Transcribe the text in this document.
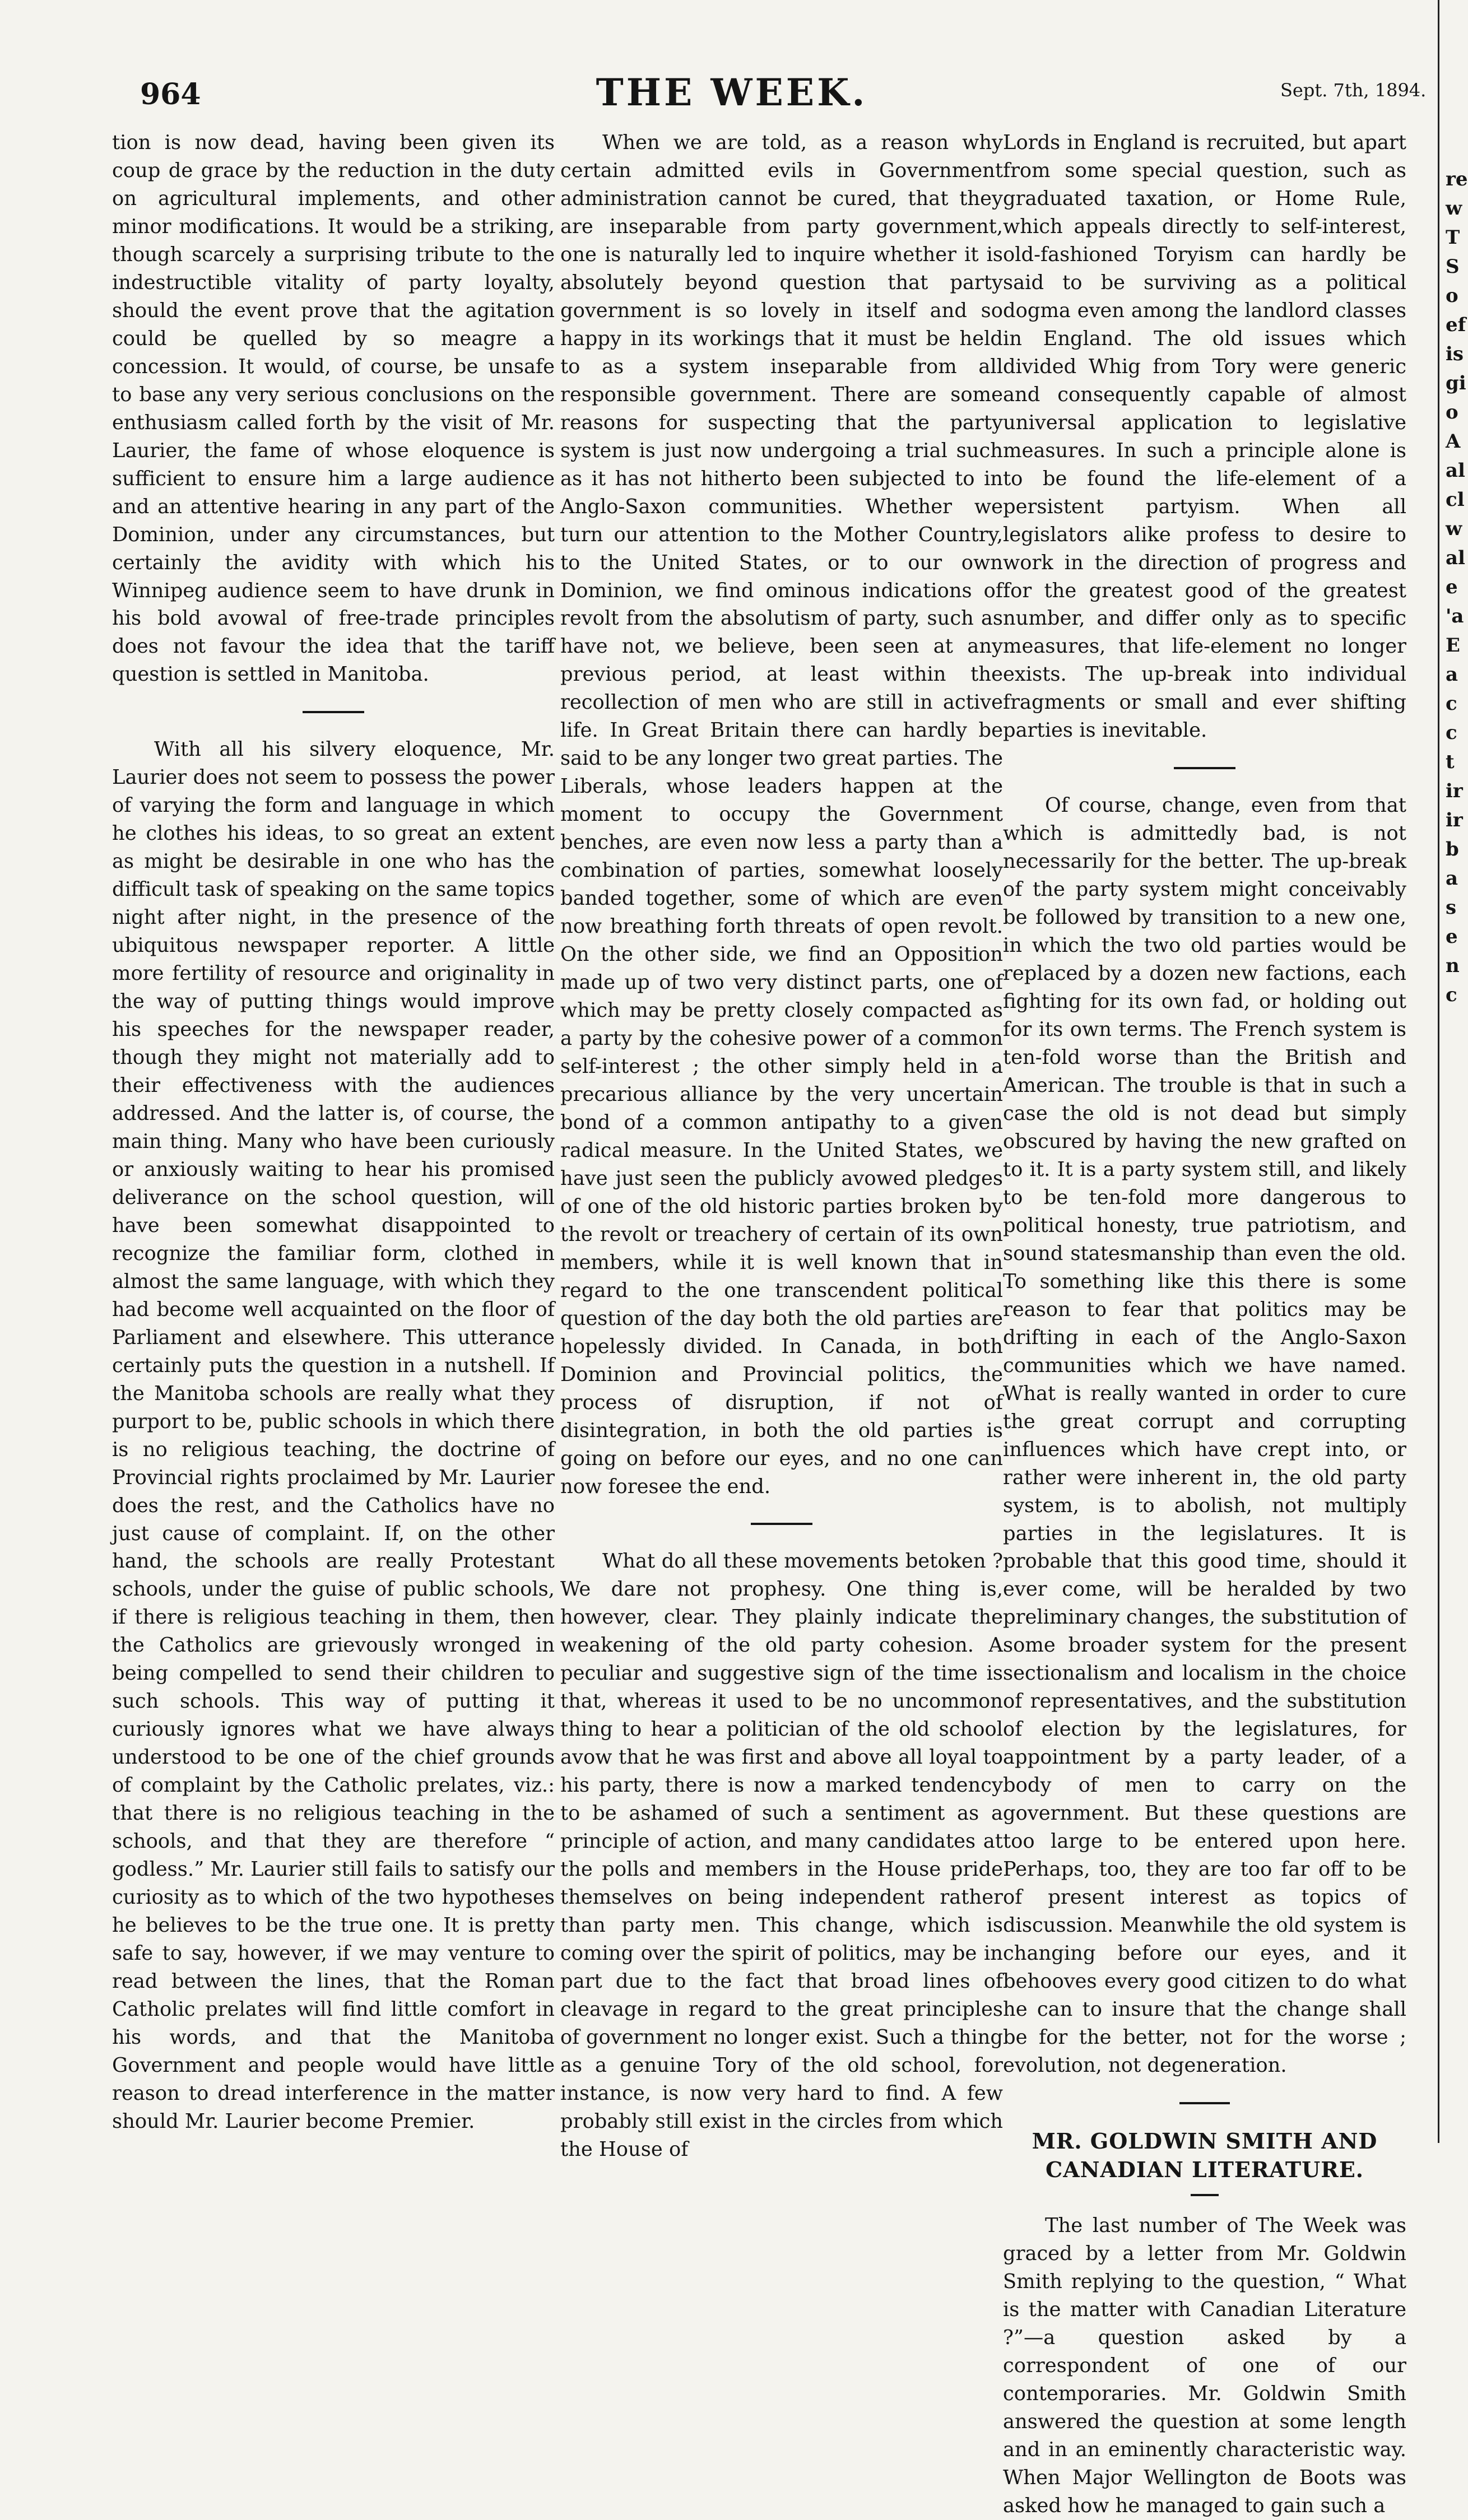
964	THE WEEK.	Sept. 7th, 1894.

tion is now dead, having been given its coup de grace by the reduction in the duty on agricultural implements, and other minor modifications. It would be a striking, though scarcely a surprising tribute to the indestructible vitality of party loyalty, should the event prove that the agitation could be quelled by so meagre a concession. It would, of course, be unsafe to base any very serious conclusions on the enthusiasm called forth by the visit of Mr. Laurier, the fame of whose eloquence is sufficient to ensure him a large audience and an attentive hearing in any part of the Dominion, under any circumstances, but certainly the avidity with which his Winnipeg audience seem to have drunk in his bold avowal of free-trade principles does not favour the idea that the tariff question is settled in Manitoba.

With all his silvery eloquence, Mr. Laurier does not seem to possess the power of varying the form and language in which he clothes his ideas, to so great an extent as might be desirable in one who has the difficult task of speaking on the same topics night after night, in the presence of the ubiquitous newspaper reporter. A little more fertility of resource and originality in the way of putting things would improve his speeches for the newspaper reader, though they might not materially add to their effectiveness with the audiences addressed. And the latter is, of course, the main thing. Many who have been curiously or anxiously waiting to hear his promised deliverance on the school question, will have been somewhat disappointed to recognize the familiar form, clothed in almost the same language, with which they had become well acquainted on the floor of Parliament and elsewhere. This utterance certainly puts the question in a nutshell. If the Manitoba schools are really what they purport to be, public schools in which there is no religious teaching, the doctrine of Provincial rights proclaimed by Mr. Laurier does the rest, and the Catholics have no just cause of complaint. If, on the other hand, the schools are really Protestant schools, under the guise of public schools, if there is religious teaching in them, then the Catholics are grievously wronged in being compelled to send their children to such schools. This way of putting it curiously ignores what we have always understood to be one of the chief grounds of complaint by the Catholic prelates, viz.: that there is no religious teaching in the schools, and that they are therefore “ godless.” Mr. Laurier still fails to satisfy our curiosity as to which of the two hypotheses he believes to be the true one. It is pretty safe to say, however, if we may venture to read between the lines, that the Roman Catholic prelates will find little comfort in his words, and that the Manitoba Government and people would have little reason to dread interference in the matter should Mr. Laurier become Premier.

When we are told, as a reason why certain admitted evils in Government administration cannot be cured, that they are inseparable from party government, one is naturally led to inquire whether it is absolutely beyond question that party government is so lovely in itself and so happy in its workings that it must be held to as a system inseparable from all responsible government. There are some reasons for suspecting that the party system is just now undergoing a trial such as it has not hitherto been subjected to in Anglo-Saxon communities. Whether we turn our attention to the Mother Country, to the United States, or to our own Dominion, we find ominous indications of revolt from the absolutism of party, such as have not, we believe, been seen at any previous period, at least within the recollection of men who are still in active life. In Great Britain there can hardly be said to be any longer two great parties. The Liberals, whose leaders happen at the moment to occupy the Government benches, are even now less a party than a combination of parties, somewhat loosely banded together, some of which are even now breathing forth threats of open revolt. On the other side, we find an Opposition made up of two very distinct parts, one of which may be pretty closely compacted as a party by the cohesive power of a common self-interest ; the other simply held in a precarious alliance by the very uncertain bond of a common antipathy to a given radical measure. In the United States, we have just seen the publicly avowed pledges of one of the old historic parties broken by the revolt or treachery of certain of its own members, while it is well known that in regard to the one transcendent political question of the day both the old parties are hopelessly divided. In Canada, in both Dominion and Provincial politics, the process of disruption, if not of disintegration, in both the old parties is going on before our eyes, and no one can now foresee the end.

What do all these movements betoken ? We dare not prophesy. One thing is, however, clear. They plainly indicate the weakening of the old party cohesion. A peculiar and suggestive sign of the time is that, whereas it used to be no uncommon thing to hear a politician of the old school avow that he was first and above all loyal to his party, there is now a marked tendency to be ashamed of such a sentiment as a principle of action, and many candidates at the polls and members in the House pride themselves on being independent rather than party men. This change, which is coming over the spirit of politics, may be in part due to the fact that broad lines of cleavage in regard to the great principles of government no longer exist. Such a thing as a genuine Tory of the old school, for instance, is now very hard to find. A few probably still exist in the circles from which the House of

Lords in England is recruited, but apart from some special question, such as graduated taxation, or Home Rule, which appeals directly to self-interest, old-fashioned Toryism can hardly be said to be surviving as a political dogma even among the landlord classes in England. The old issues which divided Whig from Tory were generic and consequently capable of almost universal application to legislative measures. In such a principle alone is to be found the life-element of a persistent partyism. When all legislators alike profess to desire to work in the direction of progress and for the greatest good of the greatest number, and differ only as to specific measures, that life-element no longer exists. The up-break into individual fragments or small and ever shifting parties is inevitable.

Of course, change, even from that which is admittedly bad, is not necessarily for the better. The up-break of the party system might conceivably be followed by transition to a new one, in which the two old parties would be replaced by a dozen new factions, each fighting for its own fad, or holding out for its own terms. The French system is ten-fold worse than the British and American. The trouble is that in such a case the old is not dead but simply obscured by having the new grafted on to it. It is a party system still, and likely to be ten-fold more dangerous to political honesty, true patriotism, and sound statesmanship than even the old. To something like this there is some reason to fear that politics may be drifting in each of the Anglo-Saxon communities which we have named. What is really wanted in order to cure the great corrupt and corrupting influences which have crept into, or rather were inherent in, the old party system, is to abolish, not multiply parties in the legislatures. It is probable that this good time, should it ever come, will be heralded by two preliminary changes, the substitution of some broader system for the present sectionalism and localism in the choice of representatives, and the substitution of election by the legislatures, for appointment by a party leader, of a body of men to carry on the government. But these questions are too large to be entered upon here. Perhaps, too, they are too far off to be of present interest as topics of discussion. Meanwhile the old system is changing before our eyes, and it behooves every good citizen to do what he can to insure that the change shall be for the better, not for the worse ; evolution, not degeneration.

MR. GOLDWIN SMITH AND CANADIAN LITERATURE.

The last number of The Week was graced by a letter from Mr. Goldwin Smith replying to the question, “ What is the matter with Canadian Literature ?”—a question asked by a correspondent of one of our contemporaries. Mr. Goldwin Smith answered the question at some length and in an eminently characteristic way. When Major Wellington de Boots was asked how he managed to gain such a

re
w
T
S
o
ef
is
gi
o
A
al
cl
w
al
e
'a
E
a
c
c
t
ir
ir
b
a
s
e
n
c
